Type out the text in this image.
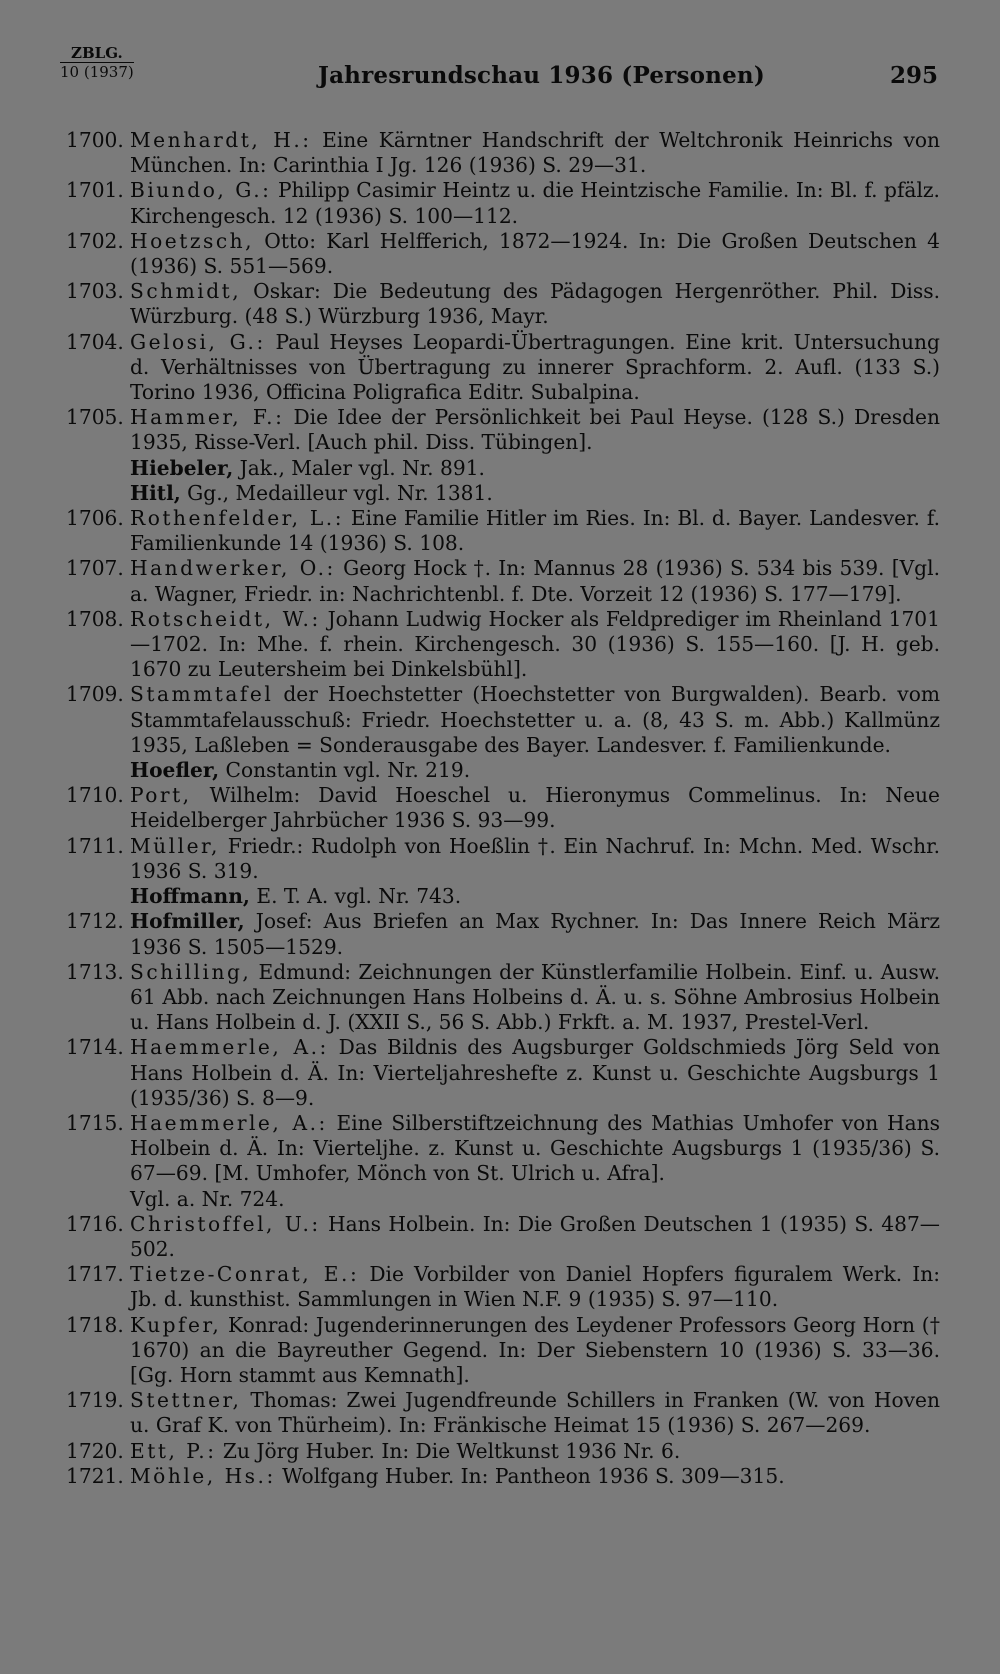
ZBLG.
10 (1937)	Jahresrundschau 1936 (Personen)	295
1700. Menhardt, H.: Eine Kärntner Handschrift der Weltchronik Heinrichs von München. In: Carinthia I Jg. 126 (1936) S. 29—31.
1701. Biundo, G.: Philipp Casimir Heintz u. die Heintzische Familie. In: Bl. f. pfälz. Kirchengesch. 12 (1936) S. 100—112.
1702. Hoetzsch, Otto: Karl Helfferich, 1872—1924. In: Die Großen Deutschen 4 (1936) S. 551—569.
1703. Schmidt, Oskar: Die Bedeutung des Pädagogen Hergenröther. Phil. Diss. Würzburg. (48 S.) Würzburg 1936, Mayr.
1704. Gelosi, G.: Paul Heyses Leopardi-Übertragungen. Eine krit. Untersuchung d. Verhältnisses von Übertragung zu innerer Sprachform. 2. Aufl. (133 S.) Torino 1936, Officina Poligrafica Editr. Subalpina.
1705. Hammer, F.: Die Idee der Persönlichkeit bei Paul Heyse. (128 S.) Dresden 1935, Risse-Verl. [Auch phil. Diss. Tübingen].
Hiebeler, Jak., Maler vgl. Nr. 891.
Hitl, Gg., Medailleur vgl. Nr. 1381.
1706. Rothenfelder, L.: Eine Familie Hitler im Ries. In: Bl. d. Bayer. Landesver. f. Familienkunde 14 (1936) S. 108.
1707. Handwerker, O.: Georg Hock †. In: Mannus 28 (1936) S. 534 bis 539. [Vgl. a. Wagner, Friedr. in: Nachrichtenbl. f. Dte. Vorzeit 12 (1936) S. 177—179].
1708. Rotscheidt, W.: Johann Ludwig Hocker als Feldprediger im Rheinland 1701—1702. In: Mhe. f. rhein. Kirchengesch. 30 (1936) S. 155—160. [J. H. geb. 1670 zu Leutersheim bei Dinkelsbühl].
1709. Stammtafel der Hoechstetter (Hoechstetter von Burgwalden). Bearb. vom Stammtafelausschuß: Friedr. Hoechstetter u. a. (8, 43 S. m. Abb.) Kallmünz 1935, Laßleben = Sonderausgabe des Bayer. Landesver. f. Familienkunde.
Hoefler, Constantin vgl. Nr. 219.
1710. Port, Wilhelm: David Hoeschel u. Hieronymus Commelinus. In: Neue Heidelberger Jahrbücher 1936 S. 93—99.
1711. Müller, Friedr.: Rudolph von Hoeßlin †. Ein Nachruf. In: Mchn. Med. Wschr. 1936 S. 319.
Hoffmann, E. T. A. vgl. Nr. 743.
1712. Hofmiller, Josef: Aus Briefen an Max Rychner. In: Das Innere Reich März 1936 S. 1505—1529.
1713. Schilling, Edmund: Zeichnungen der Künstlerfamilie Holbein. Einf. u. Ausw. 61 Abb. nach Zeichnungen Hans Holbeins d. Ä. u. s. Söhne Ambrosius Holbein u. Hans Holbein d. J. (XXII S., 56 S. Abb.) Frkft. a. M. 1937, Prestel-Verl.
1714. Haemmerle, A.: Das Bildnis des Augsburger Goldschmieds Jörg Seld von Hans Holbein d. Ä. In: Vierteljahreshefte z. Kunst u. Geschichte Augsburgs 1 (1935/36) S. 8—9.
1715. Haemmerle, A.: Eine Silberstiftzeichnung des Mathias Umhofer von Hans Holbein d. Ä. In: Viertelјhe. z. Kunst u. Geschichte Augsburgs 1 (1935/36) S. 67—69. [M. Umhofer, Mönch von St. Ulrich u. Afra].
Vgl. a. Nr. 724.
1716. Christoffel, U.: Hans Holbein. In: Die Großen Deutschen 1 (1935) S. 487—502.
1717. Tietze-Conrat, E.: Die Vorbilder von Daniel Hopfers figuralem Werk. In: Jb. d. kunsthist. Sammlungen in Wien N.F. 9 (1935) S. 97—110.
1718. Kupfer, Konrad: Jugenderinnerungen des Leydener Professors Georg Horn († 1670) an die Bayreuther Gegend. In: Der Siebenstern 10 (1936) S. 33—36. [Gg. Horn stammt aus Kemnath].
1719. Stettner, Thomas: Zwei Jugendfreunde Schillers in Franken (W. von Hoven u. Graf K. von Thürheim). In: Fränkische Heimat 15 (1936) S. 267—269.
1720. Ett, P.: Zu Jörg Huber. In: Die Weltkunst 1936 Nr. 6.
1721. Möhle, Hs.: Wolfgang Huber. In: Pantheon 1936 S. 309—315.
